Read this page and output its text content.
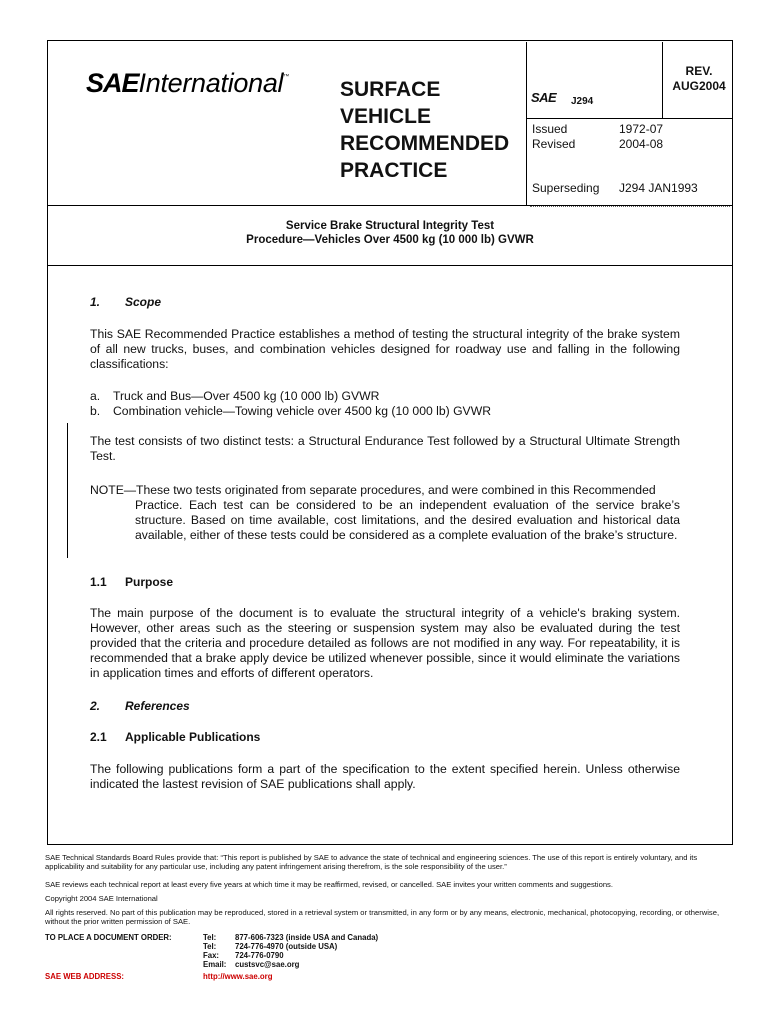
SAEInternational™
SURFACE
VEHICLE
RECOMMENDED
PRACTICE
SAE J294
REV.
AUG2004
Issued	1972-07
Revised	2004-08
Superseding J294 JAN1993
Service Brake Structural Integrity Test
Procedure—Vehicles Over 4500 kg (10 000 lb) GVWR
1. Scope
This SAE Recommended Practice establishes a method of testing the structural integrity of the brake system of all new trucks, buses, and combination vehicles designed for roadway use and falling in the following classifications:
a.	Truck and Bus—Over 4500 kg (10 000 lb) GVWR
b.	Combination vehicle—Towing vehicle over 4500 kg (10 000 lb) GVWR
The test consists of two distinct tests: a Structural Endurance Test followed by a Structural Ultimate Strength Test.
NOTE—These two tests originated from separate procedures, and were combined in this Recommended
Practice. Each test can be considered to be an independent evaluation of the service brake’s structure. Based on time available, cost limitations, and the desired evaluation and historical data available, either of these tests could be considered as a complete evaluation of the brake’s structure.
1.1 Purpose
The main purpose of the document is to evaluate the structural integrity of a vehicle's braking system. However, other areas such as the steering or suspension system may also be evaluated during the test provided that the criteria and procedure detailed as follows are not modified in any way. For repeatability, it is recommended that a brake apply device be utilized whenever possible, since it would eliminate the variations in application times and efforts of different operators.
2. References
2.1 Applicable Publications
The following publications form a part of the specification to the extent specified herein. Unless otherwise indicated the lastest revision of SAE publications shall apply.
SAE Technical Standards Board Rules provide that: “This report is published by SAE to advance the state of technical and engineering sciences. The use of this report is entirely voluntary, and its applicability and suitability for any particular use, including any patent infringement arising therefrom, is the sole responsibility of the user.”
SAE reviews each technical report at least every five years at which time it may be reaffirmed, revised, or cancelled. SAE invites your written comments and suggestions.
Copyright 2004 SAE International
All rights reserved. No part of this publication may be reproduced, stored in a retrieval system or transmitted, in any form or by any means, electronic, mechanical, photocopying, recording, or otherwise, without the prior written permission of SAE.
TO PLACE A DOCUMENT ORDER:	Tel: 877-606-7323 (inside USA and Canada)
Tel: 724-776-4970 (outside USA)
Fax: 724-776-0790
Email: custsvc@sae.org
SAE WEB ADDRESS:	http://www.sae.org
